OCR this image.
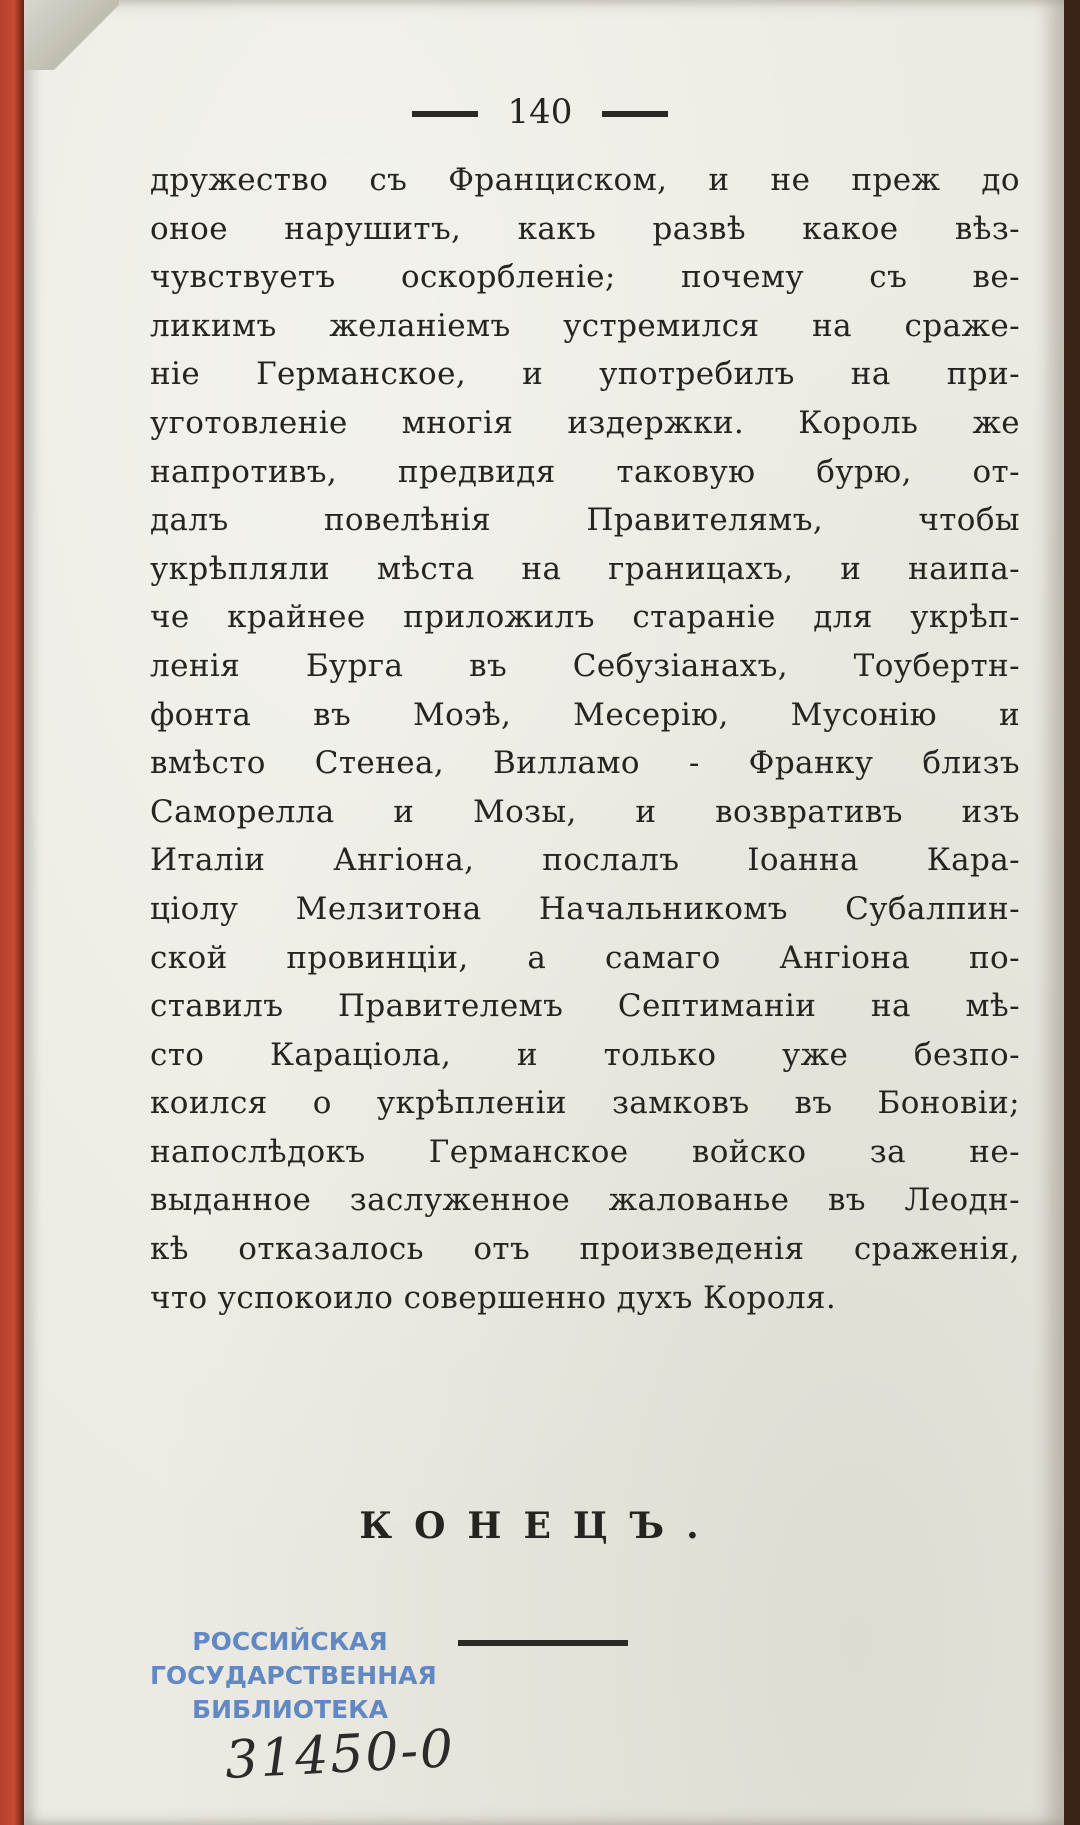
140
дружество съ Франциском, и не преж до
оное нарушитъ, какъ развѣ какое вѣз-
чувствуетъ оскорбленіе; почему съ ве-
ликимъ желаніемъ устремился на сраже-
ніе Германское, и употребилъ на при-
уготовленіе многія издержки. Король же
напротивъ, предвидя таковую бурю, от-
далъ повелѣнія Правителямъ, чтобы
укрѣпляли мѣста на границахъ, и наипа-
че крайнее приложилъ стараніе для укрѣп-
ленія Бурга въ Себузіанахъ, Тоубертн-
фонта въ Моэѣ, Месерію, Мусонію и
вмѣсто Стенеа, Вилламо - Франку близъ
Саморелла и Мозы, и возвративъ изъ
Италіи Ангіона, послалъ Іоанна Кара-
ціолу Мелзитона Начальникомъ Субалпин-
ской провинціи, а самаго Ангіона по-
ставилъ Правителемъ Септиманіи на мѣ-
сто Карацiола, и только уже безпо-
коился о укрѣпленіи замковъ въ Боновіи;
напослѣдокъ Германское войско за не-
выданное заслуженное жалованье въ Леодн-
кѣ отказалось отъ произведенія сраженія,
что успокоило совершенно духъ Короля.
КОНЕЦЪ.
РОССИЙСКАЯ
ГОСУДАРСТВЕННАЯ
БИБЛИОТЕКА
31450-0
